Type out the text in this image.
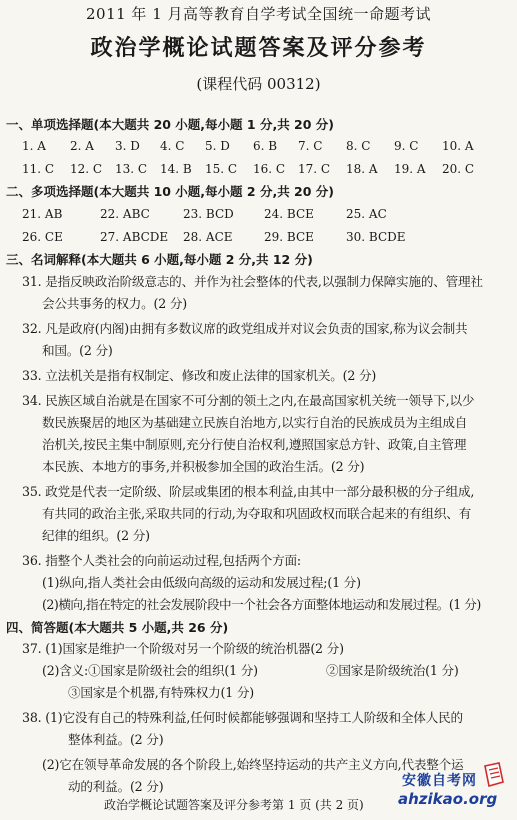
2011 年 1 月高等教育自学考试全国统一命题考试
政治学概论试题答案及评分参考
(课程代码 00312)
一、单项选择题(本大题共 20 小题,每小题 1 分,共 20 分)
1. A	2. A	3. D	4. C	5. D	6. B	7. C	8. C	9. C	10. A
11. C	12. C	13. C	14. B	15. C	16. C	17. C	18. A	19. A	20. C
二、多项选择题(本大题共 10 小题,每小题 2 分,共 20 分)
21. AB	22. ABC	23. BCD	24. BCE	25. AC
26. CE	27. ABCDE	28. ACE	29. BCE	30. BCDE
三、名词解释(本大题共 6 小题,每小题 2 分,共 12 分)
31. 是指反映政治阶级意志的、并作为社会整体的代表,以强制力保障实施的、管理社
会公共事务的权力。(2 分)
32. 凡是政府(内阁)由拥有多数议席的政党组成并对议会负责的国家,称为议会制共
和国。(2 分)
33. 立法机关是指有权制定、修改和废止法律的国家机关。(2 分)
34. 民族区域自治就是在国家不可分割的领土之内,在最高国家机关统一领导下,以少
数民族聚居的地区为基础建立民族自治地方,以实行自治的民族成员为主组成自
治机关,按民主集中制原则,充分行使自治权利,遵照国家总方针、政策,自主管理
本民族、本地方的事务,并积极参加全国的政治生活。(2 分)
35. 政党是代表一定阶级、阶层或集团的根本利益,由其中一部分最积极的分子组成,
有共同的政治主张,采取共同的行动,为夺取和巩固政权而联合起来的有组织、有
纪律的组织。(2 分)
36. 指整个人类社会的向前运动过程,包括两个方面:
(1)纵向,指人类社会由低级向高级的运动和发展过程;(1 分)
(2)横向,指在特定的社会发展阶段中一个社会各方面整体地运动和发展过程。(1 分)
四、简答题(本大题共 5 小题,共 26 分)
37. (1)国家是维护一个阶级对另一个阶级的统治机器(2 分)
(2)含义:①国家是阶级社会的组织(1 分)	②国家是阶级统治(1 分)
③国家是个机器,有特殊权力(1 分)
38. (1)它没有自己的特殊利益,任何时候都能够强调和坚持工人阶级和全体人民的
整体利益。(2 分)
(2)它在领导革命发展的各个阶段上,始终坚持运动的共产主义方向,代表整个运
动的利益。(2 分)
政治学概论试题答案及评分参考第 1 页 (共 2 页)
安徽自考网
ahzikao.org
